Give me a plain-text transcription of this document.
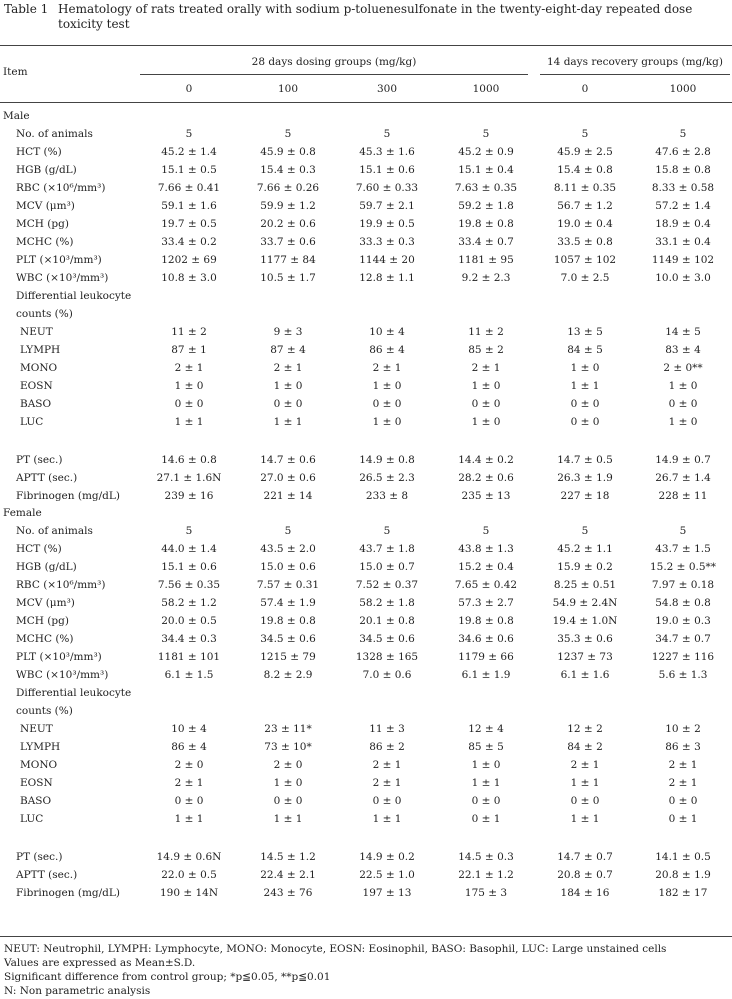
Table 1 Hematology of rats treated orally with sodium p-toluenesulfonate in the twenty-eight-day repeated dose toxicity test
Item
28 days dosing groups (mg/kg)	14 days recovery groups (mg/kg)
0	100	300	1000	0	1000
Male
No. of animals	5	5	5	5	5	5
HCT (%)	45.2 ± 1.4	45.9 ± 0.8	45.3 ± 1.6	45.2 ± 0.9	45.9 ± 2.5	47.6 ± 2.8
HGB (g/dL)	15.1 ± 0.5	15.4 ± 0.3	15.1 ± 0.6	15.1 ± 0.4	15.4 ± 0.8	15.8 ± 0.8
RBC (×10⁶/mm³)	7.66 ± 0.41	7.66 ± 0.26	7.60 ± 0.33	7.63 ± 0.35	8.11 ± 0.35	8.33 ± 0.58
MCV (μm³)	59.1 ± 1.6	59.9 ± 1.2	59.7 ± 2.1	59.2 ± 1.8	56.7 ± 1.2	57.2 ± 1.4
MCH (pg)	19.7 ± 0.5	20.2 ± 0.6	19.9 ± 0.5	19.8 ± 0.8	19.0 ± 0.4	18.9 ± 0.4
MCHC (%)	33.4 ± 0.2	33.7 ± 0.6	33.3 ± 0.3	33.4 ± 0.7	33.5 ± 0.8	33.1 ± 0.4
PLT (×10³/mm³)	1202 ± 69	1177 ± 84	1144 ± 20	1181 ± 95	1057 ± 102	1149 ± 102
WBC (×10³/mm³)	10.8 ± 3.0	10.5 ± 1.7	12.8 ± 1.1	9.2 ± 2.3	7.0 ± 2.5	10.0 ± 3.0
Differential leukocyte
counts (%)
NEUT	11 ± 2	9 ± 3	10 ± 4	11 ± 2	13 ± 5	14 ± 5
LYMPH	87 ± 1	87 ± 4	86 ± 4	85 ± 2	84 ± 5	83 ± 4
MONO	2 ± 1	2 ± 1	2 ± 1	2 ± 1	1 ± 0	2 ± 0**
EOSN	1 ± 0	1 ± 0	1 ± 0	1 ± 0	1 ± 1	1 ± 0
BASO	0 ± 0	0 ± 0	0 ± 0	0 ± 0	0 ± 0	0 ± 0
LUC	1 ± 1	1 ± 1	1 ± 0	1 ± 0	0 ± 0	1 ± 0
PT (sec.)	14.6 ± 0.8	14.7 ± 0.6	14.9 ± 0.8	14.4 ± 0.2	14.7 ± 0.5	14.9 ± 0.7
APTT (sec.)	27.1 ± 1.6N	27.0 ± 0.6	26.5 ± 2.3	28.2 ± 0.6	26.3 ± 1.9	26.7 ± 1.4
Fibrinogen (mg/dL)	239 ± 16	221 ± 14	233 ± 8	235 ± 13	227 ± 18	228 ± 11
Female
No. of animals	5	5	5	5	5	5
HCT (%)	44.0 ± 1.4	43.5 ± 2.0	43.7 ± 1.8	43.8 ± 1.3	45.2 ± 1.1	43.7 ± 1.5
HGB (g/dL)	15.1 ± 0.6	15.0 ± 0.6	15.0 ± 0.7	15.2 ± 0.4	15.9 ± 0.2	15.2 ± 0.5**
RBC (×10⁶/mm³)	7.56 ± 0.35	7.57 ± 0.31	7.52 ± 0.37	7.65 ± 0.42	8.25 ± 0.51	7.97 ± 0.18
MCV (μm³)	58.2 ± 1.2	57.4 ± 1.9	58.2 ± 1.8	57.3 ± 2.7	54.9 ± 2.4N	54.8 ± 0.8
MCH (pg)	20.0 ± 0.5	19.8 ± 0.8	20.1 ± 0.8	19.8 ± 0.8	19.4 ± 1.0N	19.0 ± 0.3
MCHC (%)	34.4 ± 0.3	34.5 ± 0.6	34.5 ± 0.6	34.6 ± 0.6	35.3 ± 0.6	34.7 ± 0.7
PLT (×10³/mm³)	1181 ± 101	1215 ± 79	1328 ± 165	1179 ± 66	1237 ± 73	1227 ± 116
WBC (×10³/mm³)	6.1 ± 1.5	8.2 ± 2.9	7.0 ± 0.6	6.1 ± 1.9	6.1 ± 1.6	5.6 ± 1.3
Differential leukocyte
counts (%)
NEUT	10 ± 4	23 ± 11*	11 ± 3	12 ± 4	12 ± 2	10 ± 2
LYMPH	86 ± 4	73 ± 10*	86 ± 2	85 ± 5	84 ± 2	86 ± 3
MONO	2 ± 0	2 ± 0	2 ± 1	1 ± 0	2 ± 1	2 ± 1
EOSN	2 ± 1	1 ± 0	2 ± 1	1 ± 1	1 ± 1	2 ± 1
BASO	0 ± 0	0 ± 0	0 ± 0	0 ± 0	0 ± 0	0 ± 0
LUC	1 ± 1	1 ± 1	1 ± 1	0 ± 1	1 ± 1	0 ± 1
PT (sec.)	14.9 ± 0.6N	14.5 ± 1.2	14.9 ± 0.2	14.5 ± 0.3	14.7 ± 0.7	14.1 ± 0.5
APTT (sec.)	22.0 ± 0.5	22.4 ± 2.1	22.5 ± 1.0	22.1 ± 1.2	20.8 ± 0.7	20.8 ± 1.9
Fibrinogen (mg/dL)	190 ± 14N	243 ± 76	197 ± 13	175 ± 3	184 ± 16	182 ± 17
NEUT: Neutrophil, LYMPH: Lymphocyte, MONO: Monocyte, EOSN: Eosinophil, BASO: Basophil, LUC: Large unstained cells
Values are expressed as Mean±S.D.
Significant difference from control group; *p≦0.05, **p≦0.01
N: Non parametric analysis
